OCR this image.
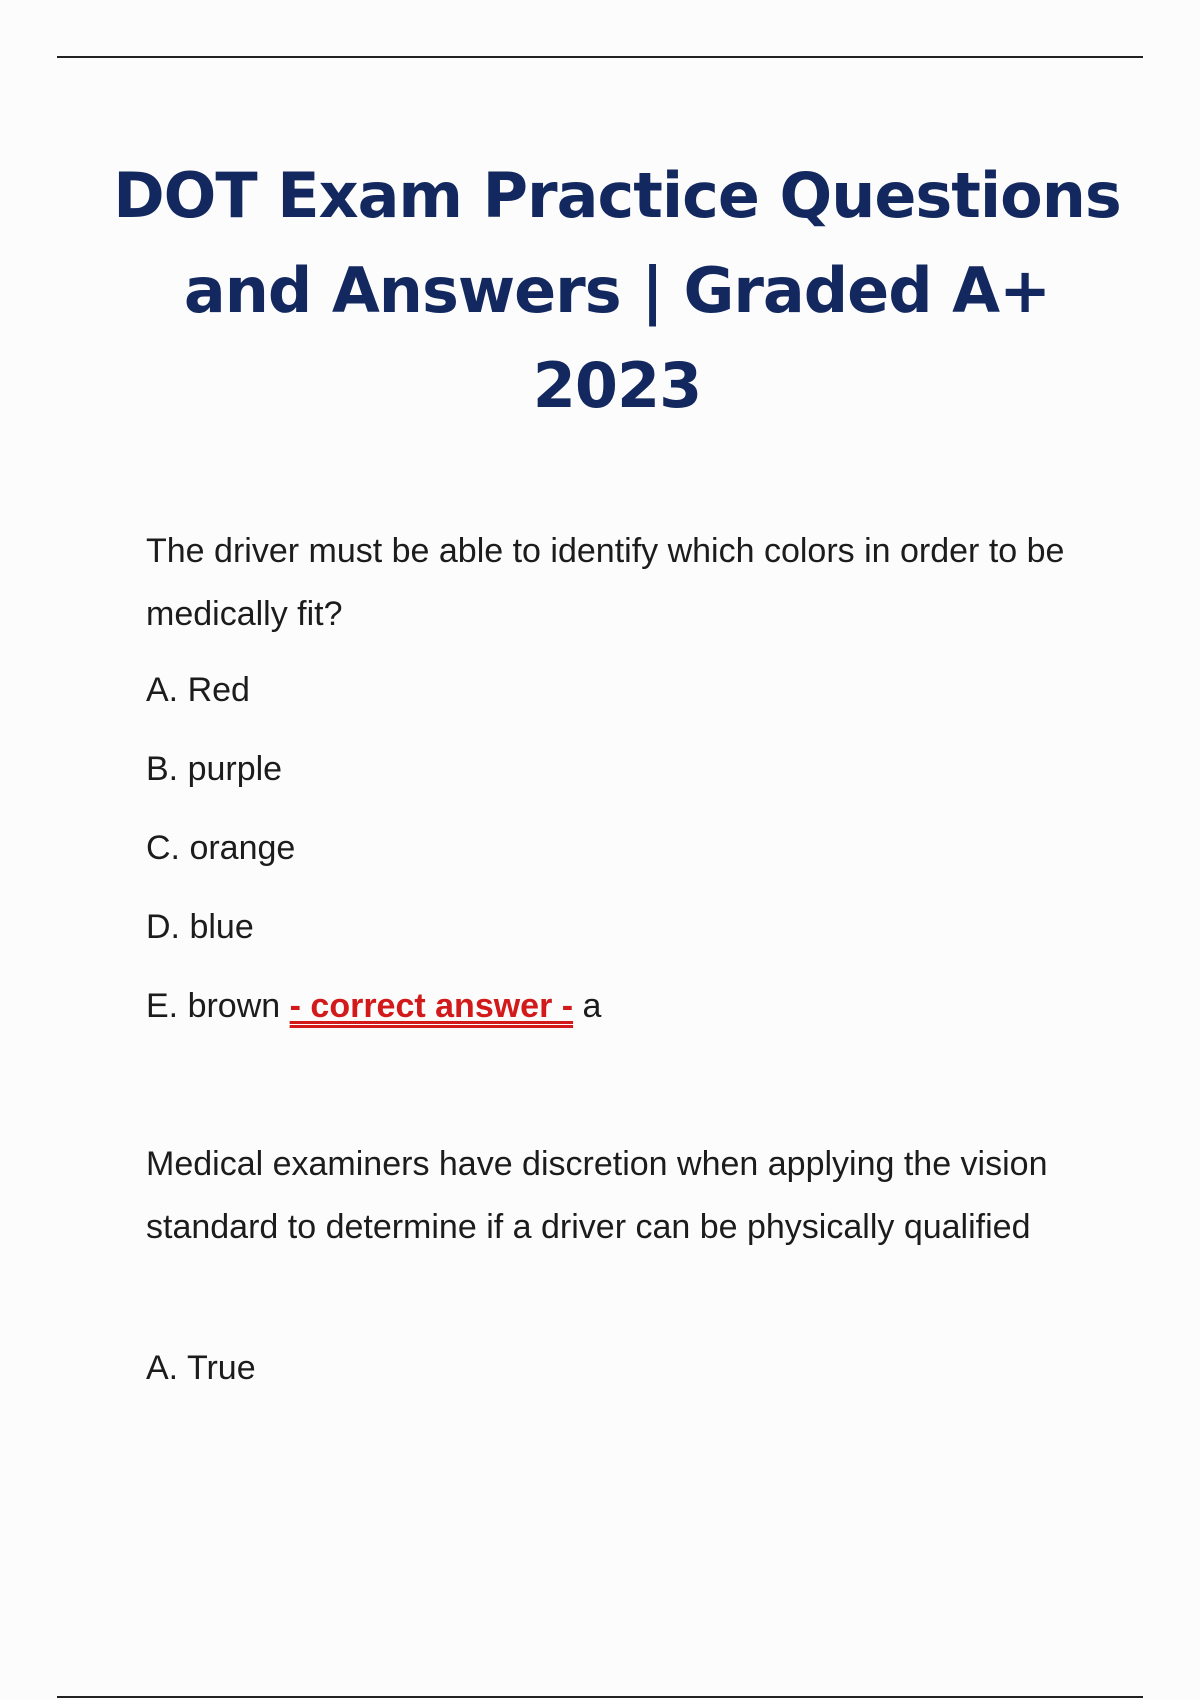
DOT Exam Practice Questions
and Answers | Graded A+
2023
The driver must be able to identify which colors in order to be medically fit?
A. Red
B. purple
C. orange
D. blue
E. brown - correct answer - a
Medical examiners have discretion when applying the vision standard to determine if a driver can be physically qualified
A. True
